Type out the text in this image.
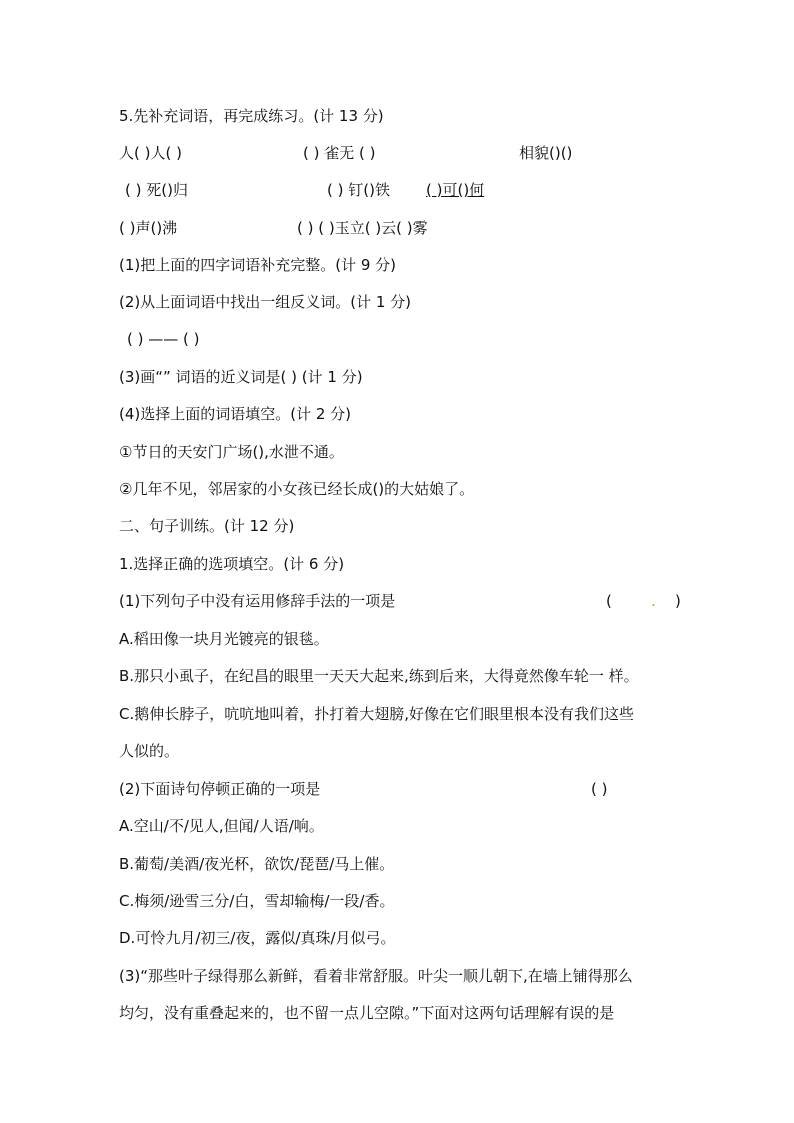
5.先补充词语，再完成练习。(计 13 分)
人( )人( )	( ) 雀无 ( )	相貌()()
( ) 死()归	( ) 钉()铁 ( )可()何
( )声()沸	( ) ( )玉立( )云( )雾
(1)把上面的四字词语补充完整。(计 9 分)
(2)从上面词语中找出一组反义词。(计 1 分)
( ) —— ( )
(3)画“” 词语的近义词是( ) (计 1 分)
(4)选择上面的词语填空。(计 2 分)
①节日的天安门广场(),水泄不通。
②几年不见，邻居家的小女孩已经长成()的大姑娘了。
二、句子训练。(计 12 分)
1.选择正确的选项填空。(计 6 分)
(1)下列句子中没有运用修辞手法的一项是	(	. )
A.稻田像一块月光镀亮的银毯。
B.那只小虱子，在纪昌的眼里一天天大起来,练到后来，大得竟然像车轮一 样。
C.鹅伸长脖子，吭吭地叫着，扑打着大翅膀,好像在它们眼里根本没有我们这些
人似的。
(2)下面诗句停顿正确的一项是	( )
A.空山/不/见人,但闻/人语/响。
B.葡萄/美酒/夜光杯，欲饮/琵琶/马上催。
C.梅须/逊雪三分/白，雪却输梅/一段/香。
D.可怜九月/初三/夜，露似/真珠/月似弓。
(3)“那些叶子绿得那么新鲜，看着非常舒服。叶尖一顺儿朝下,在墙上铺得那么
均匀，没有重叠起来的，也不留一点儿空隙。”下面对这两句话理解有误的是
